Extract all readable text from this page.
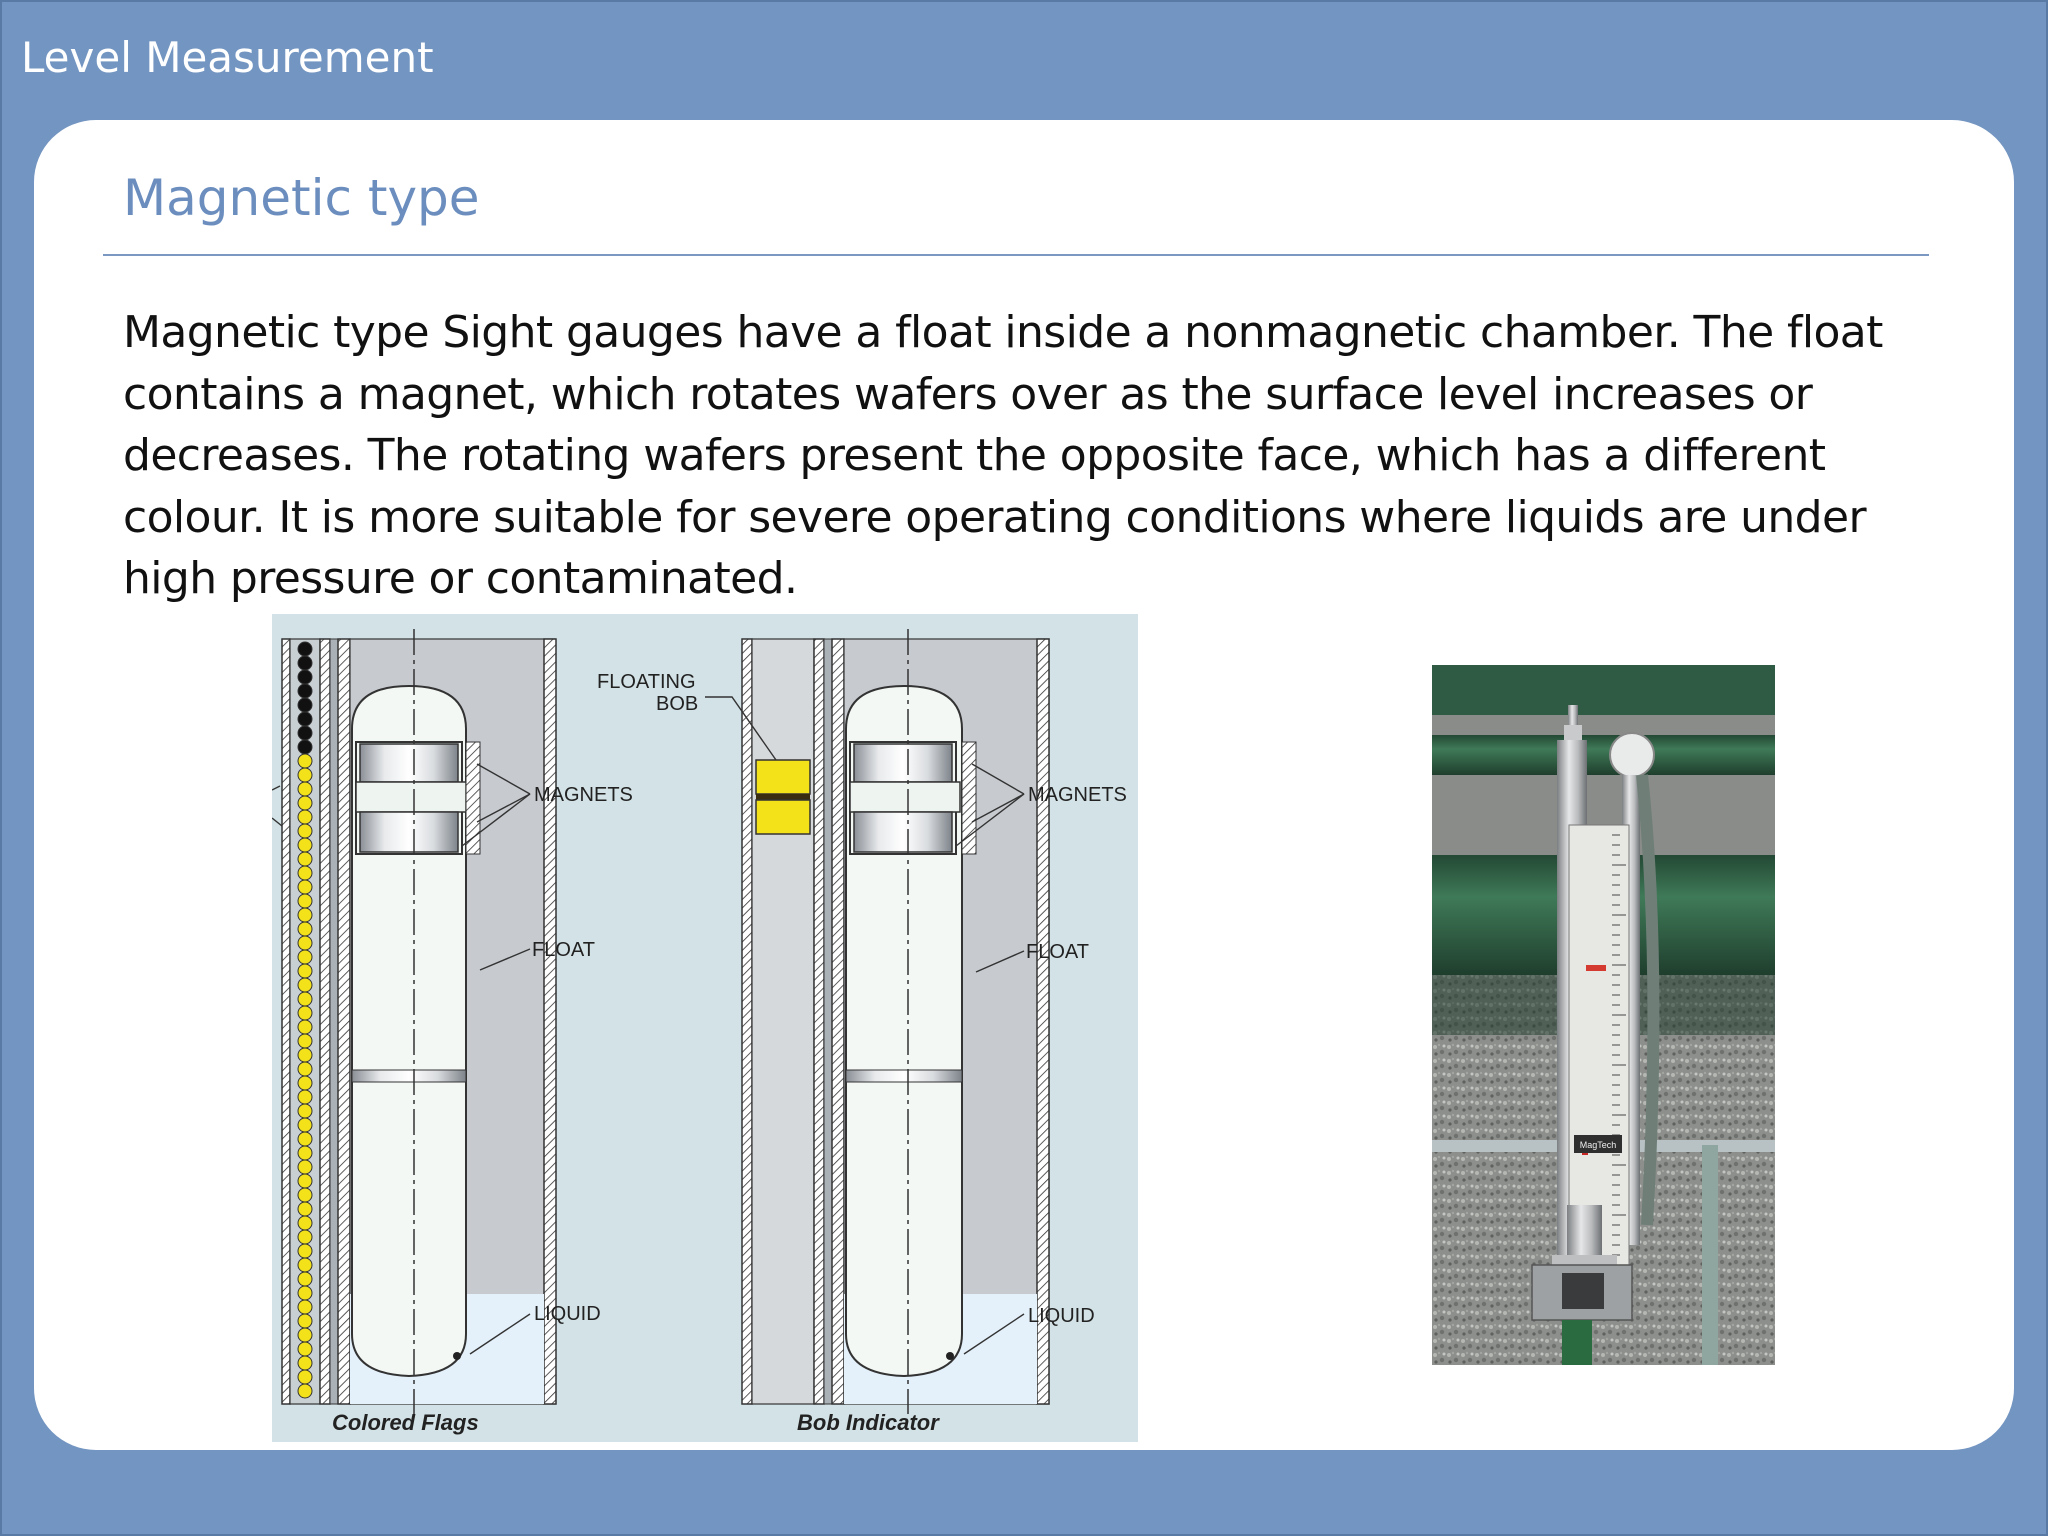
Level Measurement
Magnetic type

Magnetic type Sight gauges have a float inside a nonmagnetic chamber. The float contains a magnet, which rotates wafers over as the surface level increases or decreases. The rotating wafers present the opposite face, which has a different colour. It is more suitable for severe operating conditions where liquids are under high pressure or contaminated.

FLOATING
BOB
MAGNETS	MAGNETS
FLOAT	FLOAT
LIQUID	LIQUID
Colored Flags	Bob Indicator
MagTech
